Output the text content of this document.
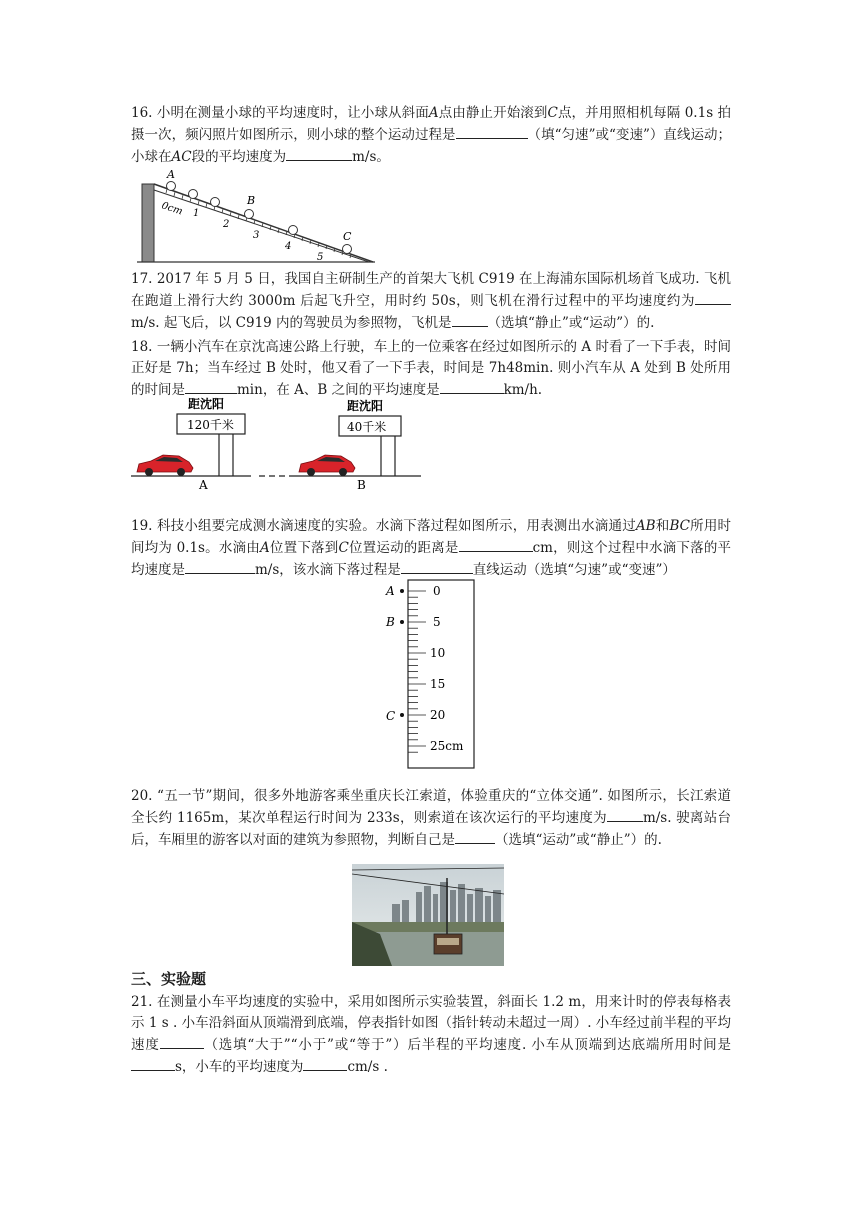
16. 小明在测量小球的平均速度时，让小球从斜面A点由静止开始滚到C点，并用照相机每隔 0.1s 拍摄一次，频闪照片如图所示，则小球的整个运动过程是	（填“匀速”或“变速”）直线运动；小球在AC段的平均速度为	m/s。

A
B
C
0cm 1
2
3
4
5

17. 2017 年 5 月 5 日，我国自主研制生产的首架大飞机 C919 在上海浦东国际机场首飞成功. 飞机在跑道上滑行大约 3000m 后起飞升空，用时约 50s，则飞机在滑行过程中的平均速度约为m/s. 起飞后，以 C919 内的驾驶员为参照物，飞机是	（选填“静止”或“运动”）的.

18. 一辆小汽车在京沈高速公路上行驶，车上的一位乘客在经过如图所示的 A 时看了一下手表，时间正好是 7h；当车经过 B 处时，他又看了一下手表，时间是 7h48min. 则小汽车从 A 处到 B 处所用的时间是	min，在 A、B 之间的平均速度是	km/h.

距沈阳
120千米
距沈阳
40千米
A	B

19. 科技小组要完成测水滴速度的实验。水滴下落过程如图所示，用表测出水滴通过AB和BC所用时间均为 0.1s。水滴由A位置下落到C位置运动的距离是	cm，则这个过程中水滴下落的平均速度是	m/s，该水滴下落过程是	直线运动（选填“匀速”或“变速”）

0
5
10
15
20
25cm
A
B
C

20. “五一节”期间，很多外地游客乘坐重庆长江索道，体验重庆的“立体交通”. 如图所示，长江索道全长约 1165m，某次单程运行时间为 233s，则索道在该次运行的平均速度为	m/s. 驶离站台后，车厢里的游客以对面的建筑为参照物，判断自己是	（选填“运动”或“静止”）的.

三、实验题

21. 在测量小车平均速度的实验中，采用如图所示实验装置，斜面长 1.2 m，用来计时的停表每格表示 1 s . 小车沿斜面从顶端滑到底端，停表指针如图（指针转动未超过一周）. 小车经过前半程的平均速度	（选填“大于”“小于”或“等于”）后半程的平均速度. 小车从顶端到达底端所用时间是s，小车的平均速度为	cm/s .
